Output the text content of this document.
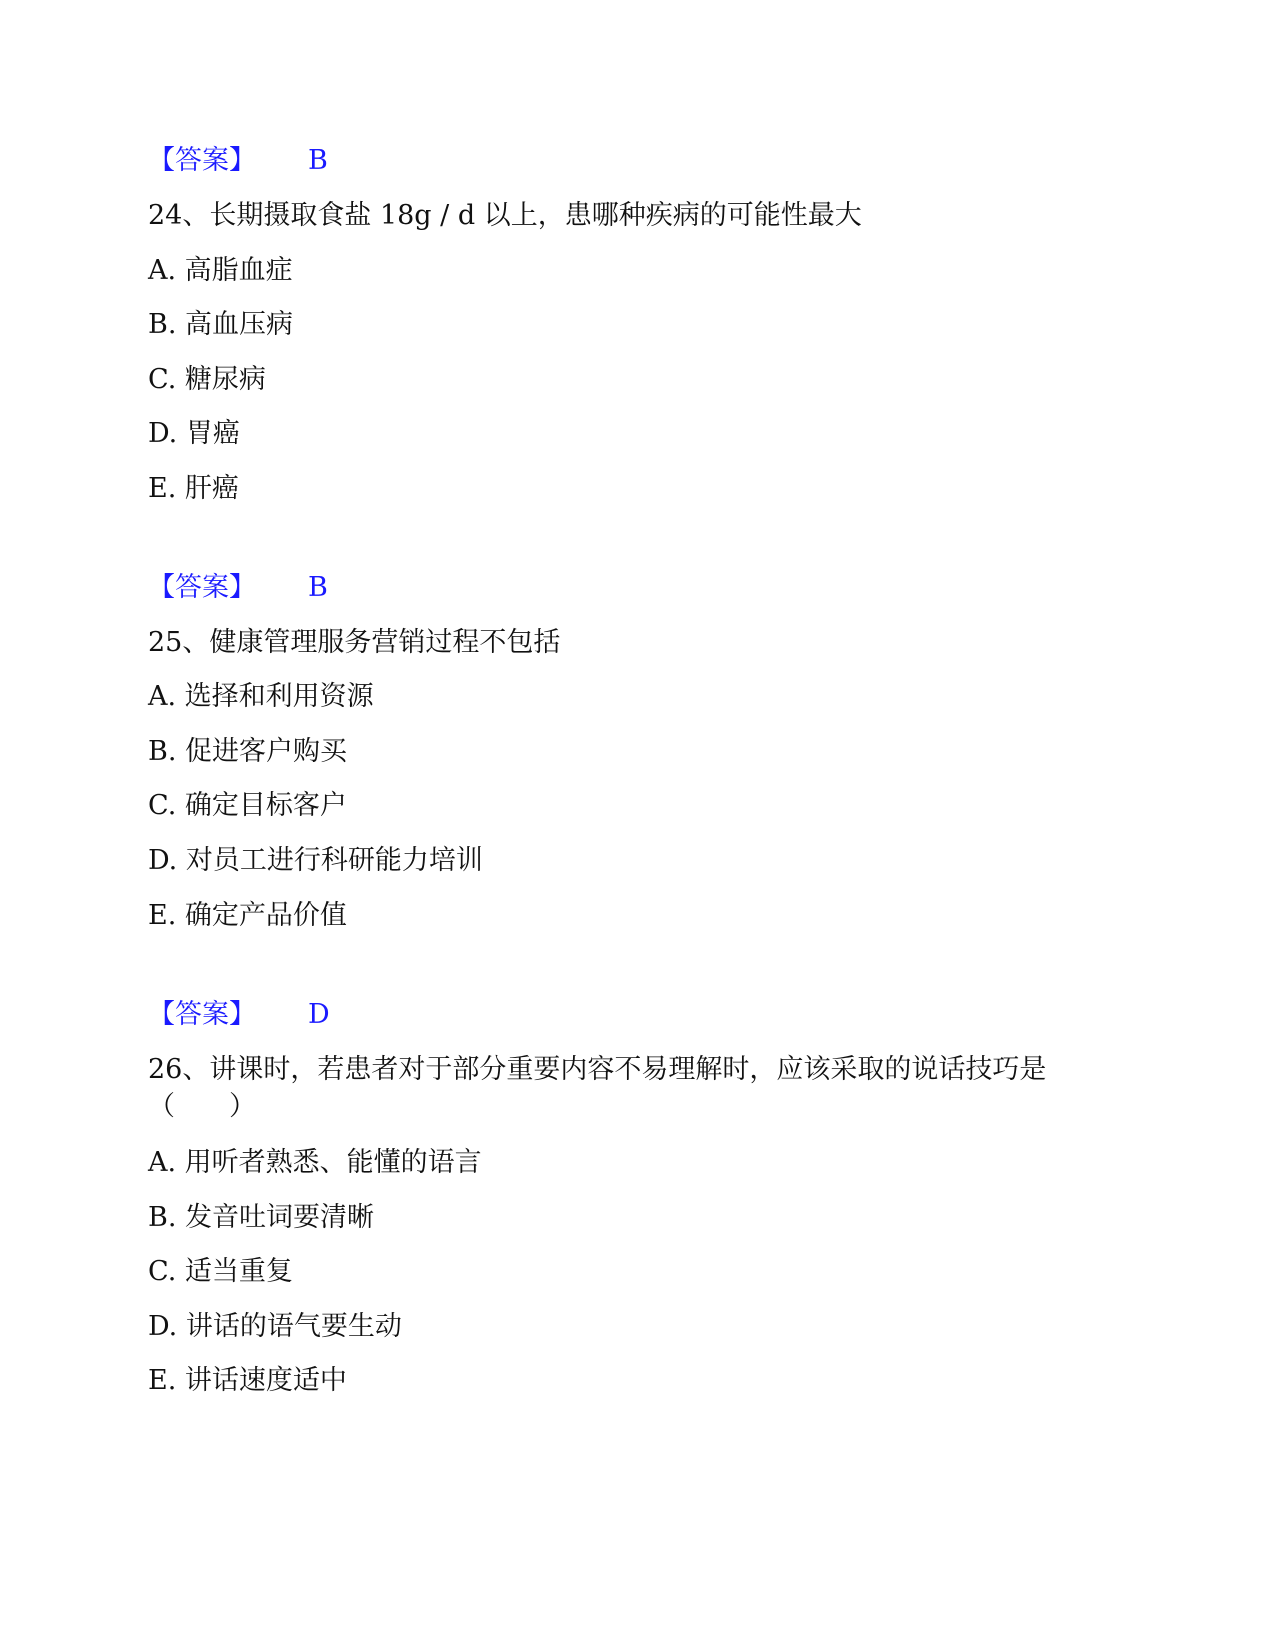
【答案】 B
24、长期摄取食盐 18g / d 以上，患哪种疾病的可能性最大
A. 高脂血症
B. 高血压病
C. 糖尿病
D. 胃癌
E. 肝癌
【答案】 B
25、健康管理服务营销过程不包括
A. 选择和利用资源
B. 促进客户购买
C. 确定目标客户
D. 对员工进行科研能力培训
E. 确定产品价值
【答案】 D
26、讲课时，若患者对于部分重要内容不易理解时，应该采取的说话技巧是
（　　）
A. 用听者熟悉、能懂的语言
B. 发音吐词要清晰
C. 适当重复
D. 讲话的语气要生动
E. 讲话速度适中
